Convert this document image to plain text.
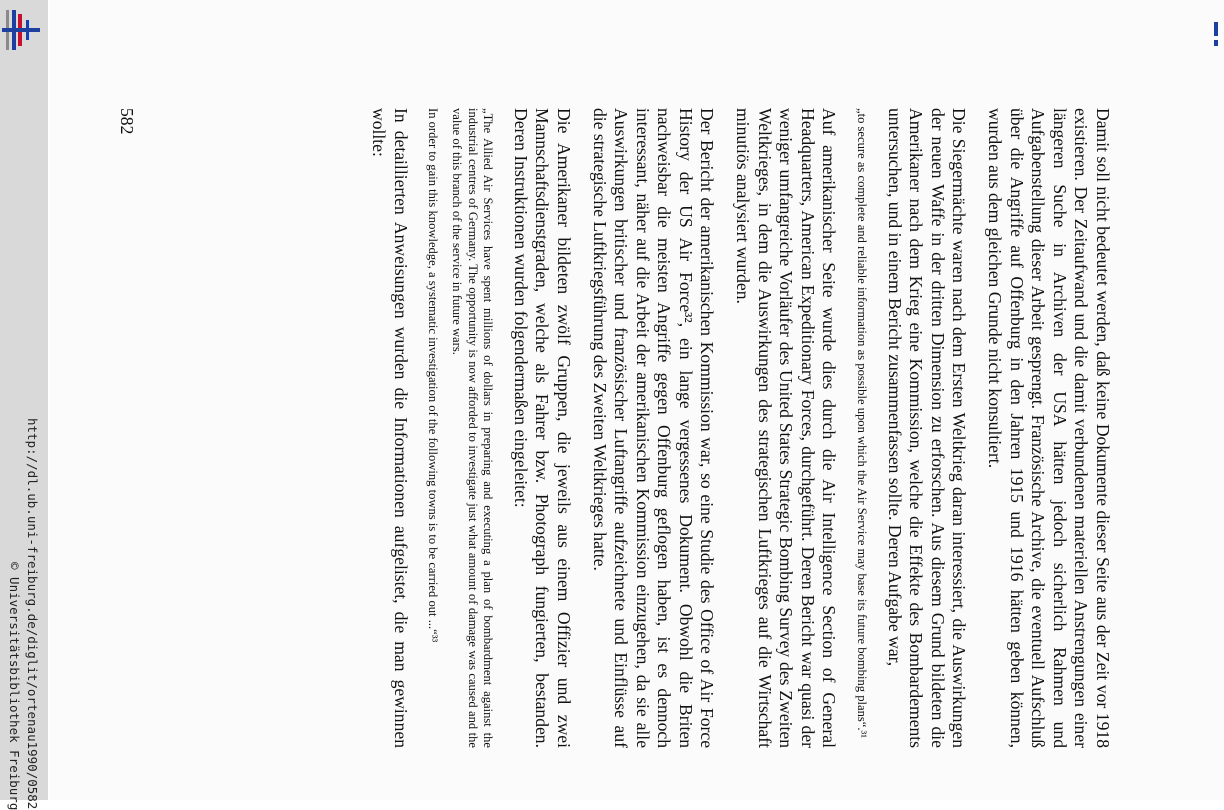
http://dl.ub.uni-freiburg.de/diglit/ortenau1990/0582
© Universitätsbibliothek Freiburg	Damit soll nicht bedeutet werden, daß keine Dokumente dieser Seite aus der Zeit vor 1918 existieren. Der Zeitaufwand und die damit verbundenen materiellen Anstrengungen einer längeren Suche in Archiven der USA hätten jedoch sicherlich Rahmen und Aufgabenstellung dieser Arbeit gesprengt. Französische Archive, die eventuell Aufschluß über die Angriffe auf Offenburg in den Jahren 1915 und 1916 hätten geben können, wurden aus dem gleichen Grunde nicht konsultiert.

Die Siegermächte waren nach dem Ersten Weltkrieg daran interessiert, die Auswirkungen der neuen Waffe in der dritten Dimension zu erforschen. Aus diesem Grund bildeten die Amerikaner nach dem Krieg eine Kommission, welche die Effekte des Bombardements untersuchen, und in einem Bericht zusammenfassen sollte. Deren Aufgabe war,

„to secure as complete and reliable information as possible upon which the Air Service may base its future bombing plans“.³¹

Auf amerikanischer Seite wurde dies durch die Air Intelligence Section of General Headquarters, American Expeditionary Forces, durchgeführt. Deren Bericht war quasi der weniger umfangreiche Vorläufer des United States Strategic Bombing Survey des Zweiten Weltkrieges, in dem die Auswirkungen des strategischen Luftkrieges auf die Wirtschaft minutiös analysiert wurden.

Der Bericht der amerikanischen Kommission war, so eine Studie des Office of Air Force History der US Air Force³², ein lange vergessenes Dokument. Obwohl die Briten nachweisbar die meisten Angriffe gegen Offenburg geflogen haben, ist es dennoch interessant, näher auf die Arbeit der amerikanischen Kommission einzugehen, da sie alle Auswirkungen britischer und französischer Luftangriffe aufzeichnete und Einflüsse auf die strategische Luftkriegsführung des Zweiten Weltkrieges hatte.

Die Amerikaner bildeten zwölf Gruppen, die jeweils aus einem Offizier und zwei Mannschaftsdienstgraden, welche als Fahrer bzw. Photograph fungierten, bestanden. Deren Instruktionen wurden folgendermaßen eingeleitet:

„The Allied Air Services have spent millions of dollars in preparing and executing a plan of bombardment against the industrial centres of Germany. The opportunity is now afforded to investigate just what amount of damage was caused and the value of this branch of the service in future wars.

In order to gain this knowledge, a systematic investigation of the following towns is to be carried out ...“³³

In detaillierten Anweisungen wurden die Informationen aufgelistet, die man gewinnen wollte:

582
